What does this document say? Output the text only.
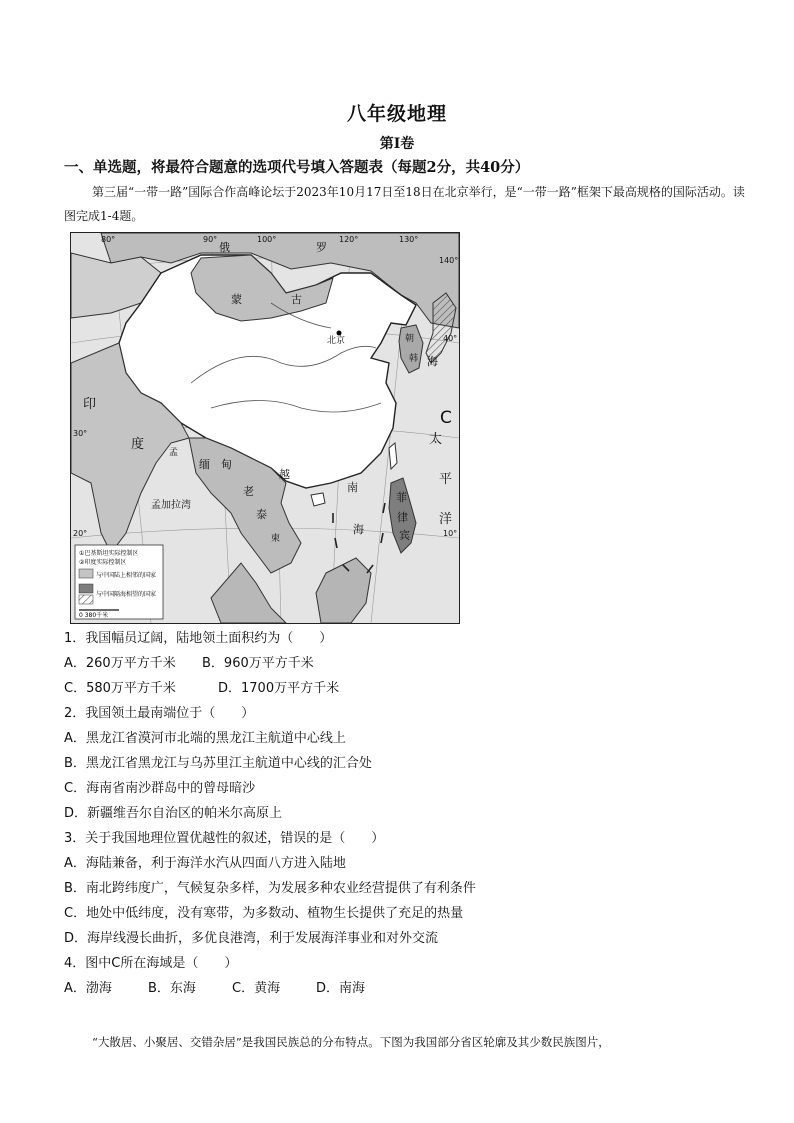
八年级地理
第Ⅰ卷
一、单选题，将最符合题意的选项代号填入答题表（每题2分，共40分）
第三届“一带一路”国际合作高峰论坛于2023年10月17日至18日在北京举行，是“一带一路”框架下最高规格的国际活动。读图完成1-4题。
俄	罗
蒙	古
北京
印
度
缅 甸
老
越
泰
柬
菲
律
宾
朝
韩 海
南
海
太
平
洋
孟加拉湾
孟
C
80°	90°	100°	120°	130°
140°
40°
30°
20°	10°
①巴基斯坦实际控制区
②印度实际控制区
与中国陆上相邻的国家
与中国隔海相望的国家
0 380千米
1．我国幅员辽阔，陆地领土面积约为（　　）
A．260万平方千米 B．960万平方千米
C．580万平方千米	D．1700万平方千米
2．我国领土最南端位于（　　）
A．黑龙江省漠河市北端的黑龙江主航道中心线上
B．黑龙江省黑龙江与乌苏里江主航道中心线的汇合处
C．海南省南沙群岛中的曾母暗沙
D．新疆维吾尔自治区的帕米尔高原上
3．关于我国地理位置优越性的叙述，错误的是（　　）
A．海陆兼备，利于海洋水汽从四面八方进入陆地
B．南北跨纬度广，气候复杂多样，为发展多种农业经营提供了有利条件
C．地处中低纬度，没有寒带，为多数动、植物生长提供了充足的热量
D．海岸线漫长曲折，多优良港湾，利于发展海洋事业和对外交流
4．图中C所在海域是（　　）
A．渤海	B．东海	C．黄海	D．南海
“大散居、小聚居、交错杂居”是我国民族总的分布特点。下图为我国部分省区轮廓及其少数民族图片，
